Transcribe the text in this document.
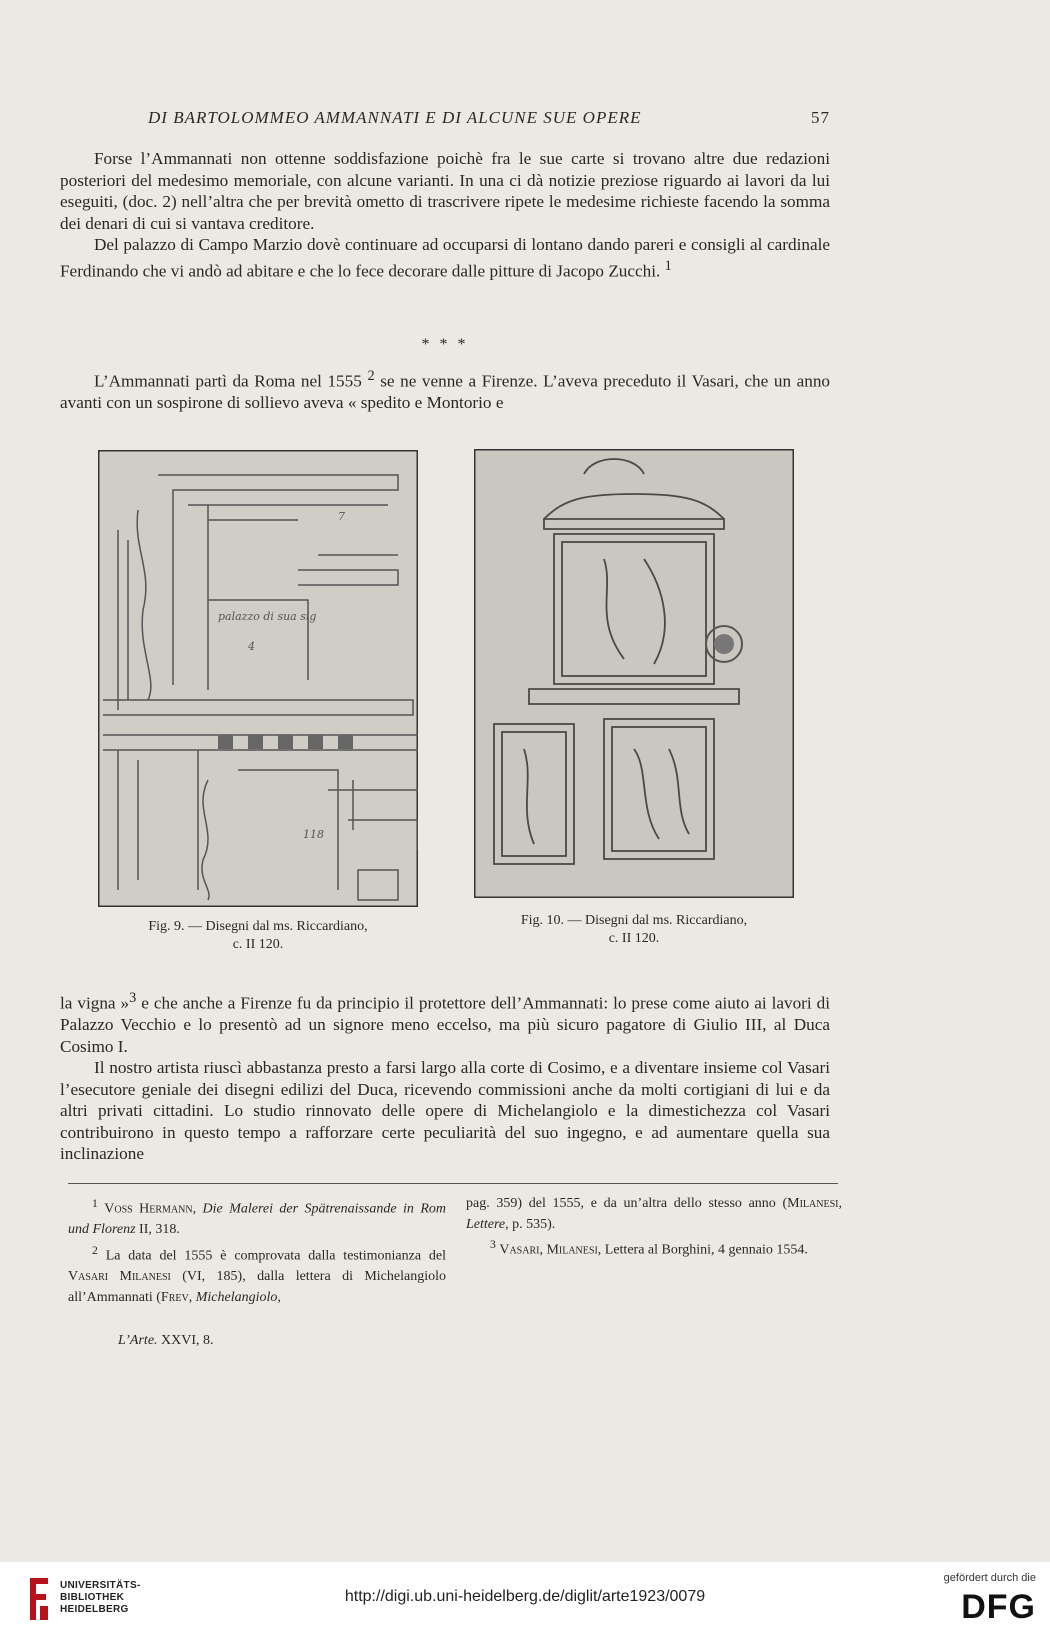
DI BARTOLOMMEO AMMANNATI E DI ALCUNE SUE OPERE	57

Forse l’Ammannati non ottenne soddisfazione poichè fra le sue carte si trovano altre due redazioni posteriori del medesimo memoriale, con alcune varianti. In una ci dà notizie preziose riguardo ai lavori da lui eseguiti, (doc. 2) nell’altra che per brevità ometto di trascrivere ripete le medesime richieste facendo la somma dei denari di cui si vantava creditore.

Del palazzo di Campo Marzio dovè continuare ad occuparsi di lontano dando pareri e consigli al cardinale Ferdinando che vi andò ad abitare e che lo fece decorare dalle pitture di Jacopo Zucchi. $^1$

* * *

L’Ammannati partì da Roma nel 1555 $^2$ se ne venne a Firenze. L’aveva preceduto il Vasari, che un anno avanti con un sospirone di sollievo aveva « spedito e Montorio e

palazzo di sua sig
7
4
118
Fig. 9. — Disegni dal ms. Riccardiano,
c. II 120.
Fig. 10. — Disegni dal ms. Riccardiano,
c. II 120.

la vigna »$^3$ e che anche a Firenze fu da principio il protettore dell’Ammannati: lo prese come aiuto ai lavori di Palazzo Vecchio e lo presentò ad un signore meno eccelso, ma più sicuro pagatore di Giulio III, al Duca Cosimo I.

Il nostro artista riuscì abbastanza presto a farsi largo alla corte di Cosimo, e a diventare insieme col Vasari l’esecutore geniale dei disegni edilizi del Duca, ricevendo commissioni anche da molti cortigiani di lui e da altri privati cittadini. Lo studio rinnovato delle opere di Michelangiolo e la dimestichezza col Vasari contribuirono in questo tempo a rafforzare certe peculiarità del suo ingegno, e ad aumentare quella sua inclinazione

$^1$ Voss Hermann, Die Malerei der Spätrenaissande in Rom und Florenz II, 318.

$^2$ La data del 1555 è comprovata dalla testimonianza del Vasari Milanesi (VI, 185), dalla lettera di Michelangiolo all’Ammannati (Frev, Michelangiolo,

pag. 359) del 1555, e da un’altra dello stesso anno (Milanesi, Lettere, p. 535).

$^3$ Vasari, Milanesi, Lettera al Borghini, 4 gennaio 1554.

L’Arte. XXVI, 8.
UNIVERSITÄTS-
BIBLIOTHEK
HEIDELBERG
http://digi.ub.uni-heidelberg.de/diglit/arte1923/0079
gefördert durch die
DFG
